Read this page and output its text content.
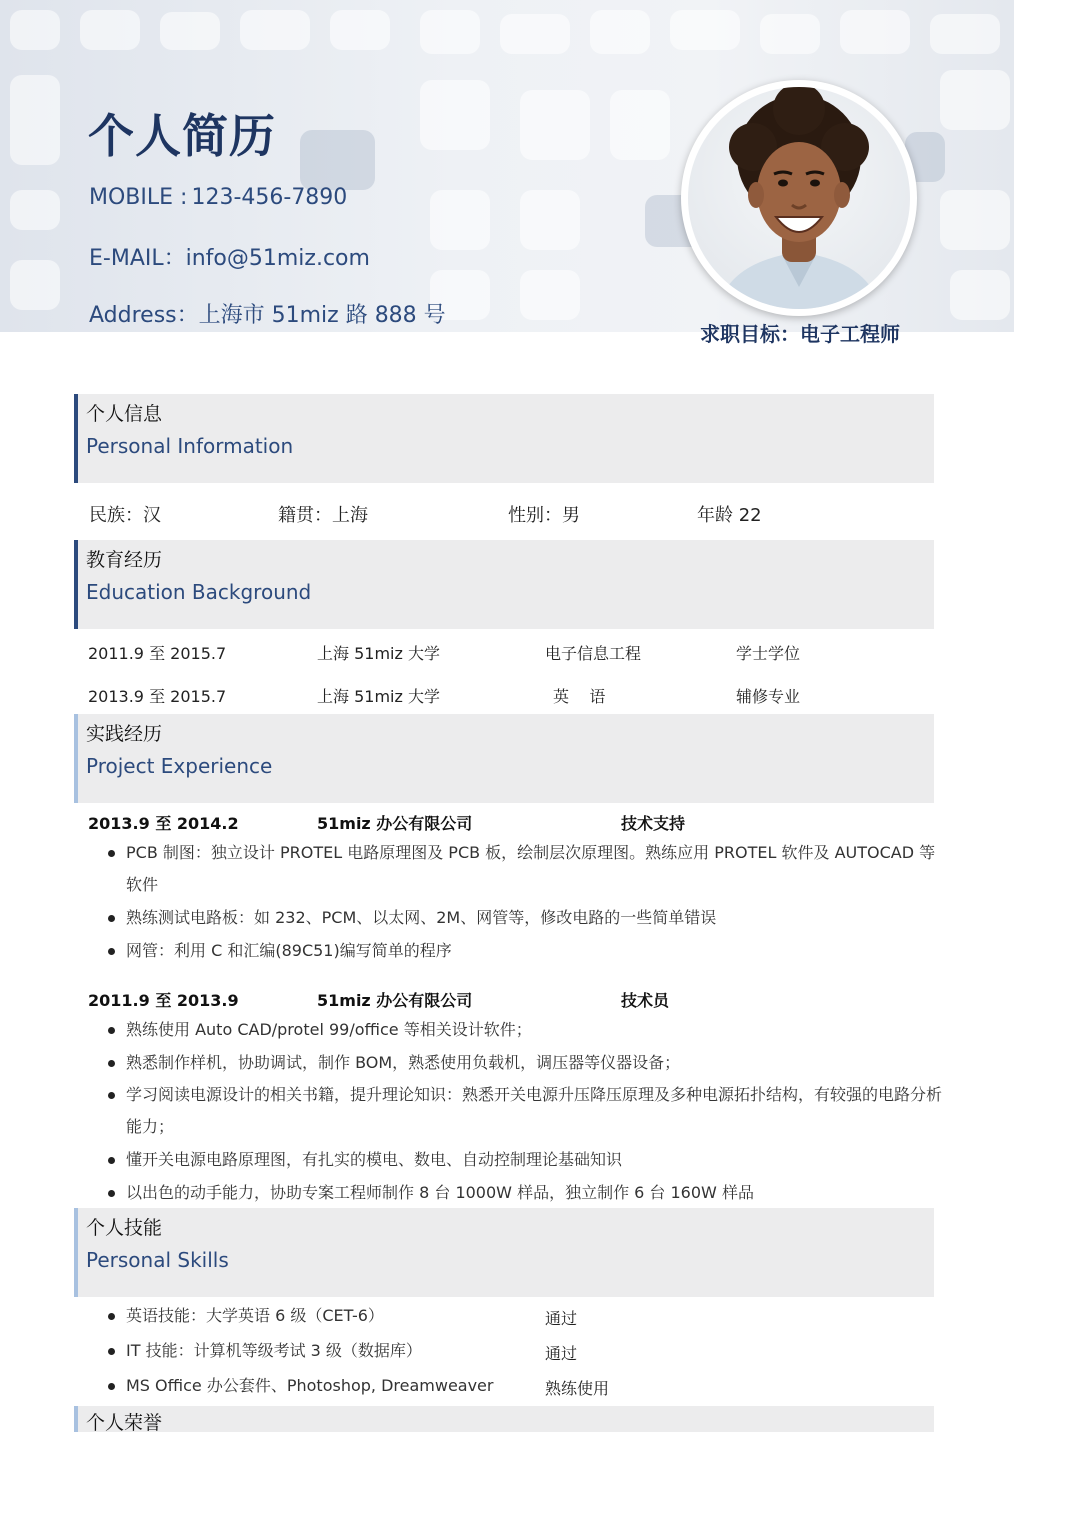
个人简历
MOBILE : 123-456-7890
E-MAIL：info@51miz.com
Address：上海市 51miz 路 888 号
求职目标：电子工程师
个人信息
Personal Information
民族：汉	籍贯：上海	性别：男	年龄 22
教育经历
Education Background
2011.9 至 2015.7	上海 51miz 大学	电子信息工程	学士学位
2013.9 至 2015.7	上海 51miz 大学	英    语	辅修专业
实践经历
Project Experience
2013.9 至 2014.2	51miz 办公有限公司	技术支持
PCB 制图：独立设计 PROTEL 电路原理图及 PCB 板，绘制层次原理图。熟练应用 PROTEL 软件及 AUTOCAD 等软件
熟练测试电路板：如 232、PCM、以太网、2M、网管等，修改电路的一些简单错误
网管：利用 C 和汇编(89C51)编写简单的程序
2011.9 至 2013.9	51miz 办公有限公司	技术员
熟练使用 Auto CAD/protel 99/office 等相关设计软件；
熟悉制作样机，协助调试，制作 BOM，熟悉使用负载机，调压器等仪器设备；
学习阅读电源设计的相关书籍，提升理论知识：熟悉开关电源升压降压原理及多种电源拓扑结构，有较强的电路分析能力；
懂开关电源电路原理图，有扎实的模电、数电、自动控制理论基础知识
以出色的动手能力，协助专案工程师制作 8 台 1000W 样品，独立制作 6 台 160W 样品
个人技能
Personal Skills
英语技能：大学英语 6 级（CET-6）	通过
IT 技能：计算机等级考试 3 级（数据库）	通过
MS Office 办公套件、Photoshop, Dreamweaver	熟练使用
个人荣誉
